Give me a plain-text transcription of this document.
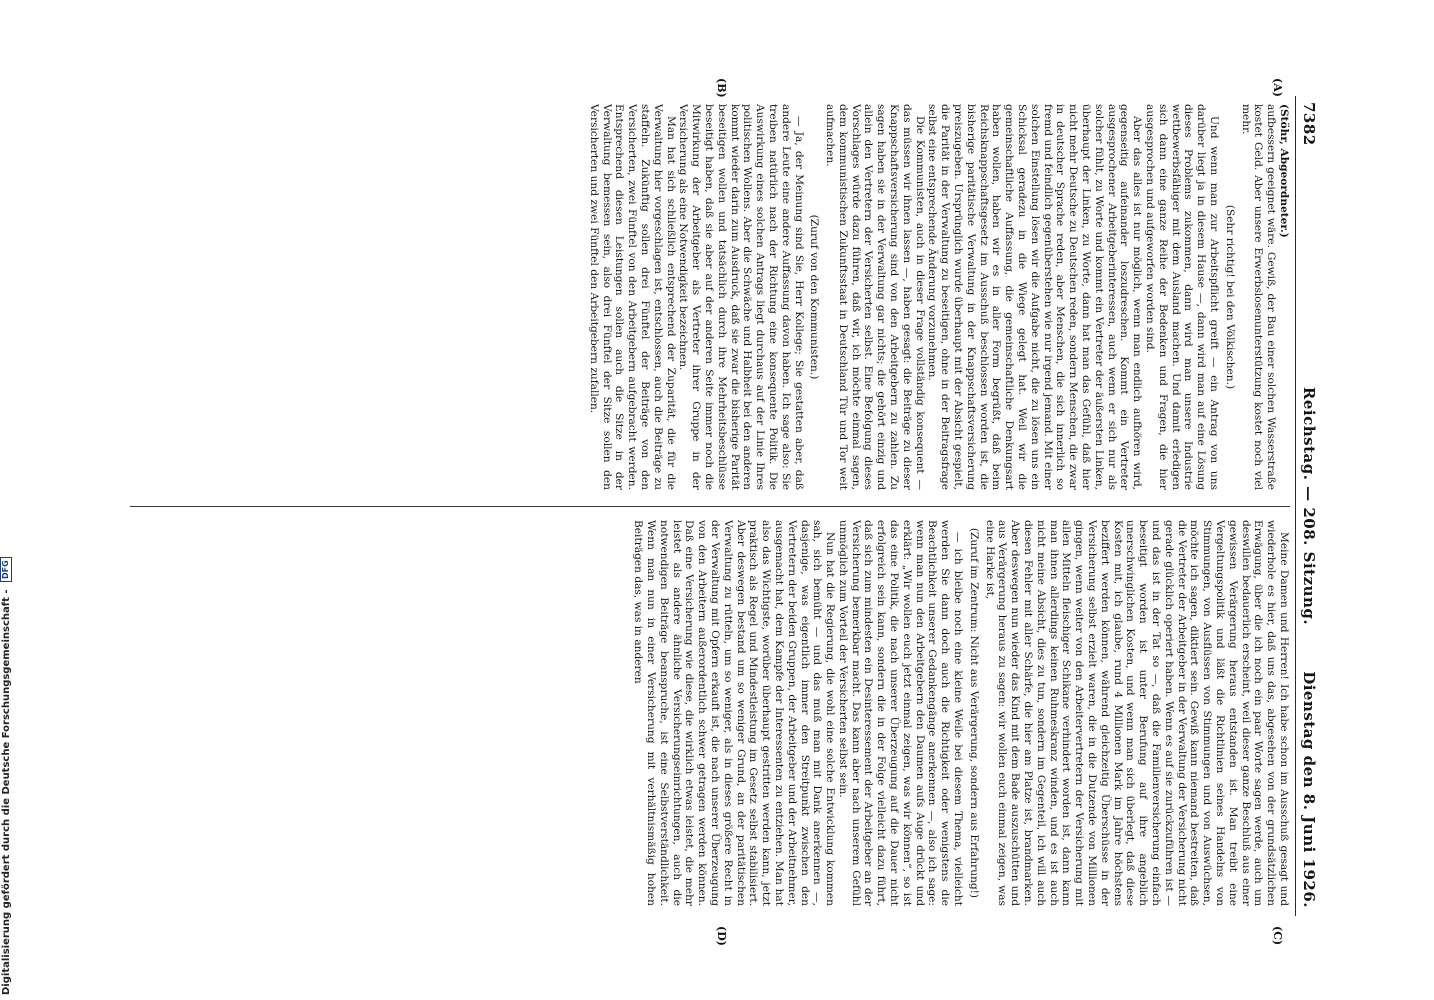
7382
Reichstag. — 208. Sitzung.
Dienstag den 8. Juni 1926.
(A)
(B)
(C)
(D)

(Stöhr, Abgeordneter.)

aufbessern geeignet wäre. Gewiß, der Bau einer solchen Wasserstraße kostet Geld. Aber unsere Erwerbslosenunterstützung kostet noch viel mehr.

(Sehr richtig! bei den Völkischen.)

Und wenn man zur Arbeitspflicht greift — ein Antrag von uns darüber liegt ja in diesem Hause —, dann wird man auf eine Lösung dieses Problems zukommen, dann wird man unsere Industrie wettbewerbsfähiger mit dem Ausland machen. Und damit erledigen sich dann eine ganze Reihe der Bedenken und Fragen, die hier ausgesprochen und aufgeworfen worden sind.

Aber das alles ist nur möglich, wenn man endlich aufhören wird, gegenseitig aufeinander loszudreschen. Kommt ein Vertreter ausgesprochener Arbeitgeberinteressen, auch wenn er sich nur als solcher fühlt, zu Worte und kommt ein Vertreter der äußersten Linken, überhaupt der Linken, zu Worte, dann hat man das Gefühl, daß hier nicht mehr Deutsche zu Deutschen reden, sondern Menschen, die zwar in deutscher Sprache reden, aber Menschen, die sich innerlich so fremd und feindlich gegenüberstehen wie nur irgend jemand. Mit einer solchen Einstellung lösen wir die Aufgabe nicht, die zu lösen uns ein Schicksal geradezu in die Wiege gelegt hat. Weil wir die gemeinschaftliche Auffassung, die gemeinschaftliche Denkungsart haben wollen, haben wir es in aller Form begrüßt, daß beim Reichsknappschaftsgesetz im Ausschuß beschlossen worden ist, die bisherige paritätische Verwaltung in der Knappschaftsversicherung preiszugeben. Ursprünglich wurde überhaupt mit der Absicht gespielt, die Parität in der Verwaltung zu beseitigen, ohne in der Beitragsfrage selbst eine entsprechende Änderung vorzunehmen.

Die Kommunisten, auch in dieser Frage vollständig konsequent — das müssen wir ihnen lassen —, haben gesagt: die Beiträge zu dieser Knappschaftsversicherung sind von den Arbeitgebern zu zahlen. Zu sagen haben sie in der Verwaltung gar nichts; die gehört einzig und allein den Vertretern der Versicherten selbst. Eine Befolgung dieses Vorschlages würde dazu führen, daß wir, ich möchte einmal sagen, dem kommunistischen Zukunftsstaat in Deutschland Tür und Tor weit aufmachen.

(Zuruf von den Kommunisten.)

— Ja, der Meinung sind Sie, Herr Kollege; Sie gestatten aber, daß andere Leute eine andere Auffassung davon haben. Ich sage also: Sie treiben natürlich nach der Richtung eine konsequente Politik. Die Auswirkung eines solchen Antrags liegt durchaus auf der Linie Ihres politischen Wollens. Aber die Schwäche und Halbheit bei den anderen kommt wieder darin zum Ausdruck, daß sie zwar die bisherige Parität beseitigen wollen und tatsächlich durch ihre Mehrheitsbeschlüsse beseitigt haben, daß sie aber auf der anderen Seite immer noch die Mitwirkung der Arbeitgeber als Vertreter ihrer Gruppe in der Versicherung als eine Notwendigkeit bezeichnen.

Man hat sich schließlich entsprechend der Zuparität, die für die Verwaltung hier vorgeschlagen ist, entschlossen, auch die Beiträge zu staffeln. Zukünftig sollen drei Fünftel der Beiträge von den Versicherten, zwei Fünftel von den Arbeitgebern aufgebracht werden. Entsprechend diesen Leistungen sollen auch die Sitze in der Verwaltung bemessen sein, also drei Fünftel der Sitze sollen den Versicherten und zwei Fünftel den Arbeitgebern zufallen.

Meine Damen und Herren! Ich habe schon im Ausschuß gesagt und wiederhole es hier, daß uns das, abgesehen von der grundsätzlichen Erwägung, über die ich noch ein paar Worte sagen werde, auch um deswillen bedauerlich erscheint, weil dieser ganze Beschluß aus einer gewissen Verärgerung heraus entstanden ist. Man treibt eine Vergeltungspolitik und läßt die Richtlinien seines Handelns von Stimmungen, von Ausflüssen von Stimmungen und von Auswüchsen, möchte ich sagen, diktiert sein. Gewiß kann niemand bestreiten, daß die Vertreter der Arbeitgeber in der Verwaltung der Versicherung nicht gerade glücklich operiert haben. Wenn es auf sie zurückzuführen ist — und das ist in der Tat so —, daß die Familienversicherung einfach beseitigt worden ist unter Berufung auf ihre angeblich unerschwinglichen Kosten, und wenn man sich überlegt, daß diese Kosten mit, ich glaube, rund 4 Millionen Mark im Jahre höchstens beziffert werden können, während gleichzeitig Überschüsse in der Versicherung selbst erzielt waren, die in die Dutzende von Millionen gingen, wenn weiter von den Arbeitervertretern der Versicherung mit allen Mitteln fleischiger Schikane verhindert worden ist, dann kann man ihnen allerdings keinen Ruhmeskranz winden, und es ist auch nicht meine Absicht, dies zu tun, sondern im Gegenteil, ich will auch diesen Fehler mit aller Schärfe, die hier am Platze ist, brandmarken. Aber deswegen nun wieder das Kind mit dem Bade auszuschütten und aus Verärgerung heraus zu sagen: wir wollen euch einmal zeigen, was eine Harke ist,

(Zuruf im Zentrum: Nicht aus Verärgerung, sondern aus Erfahrung!)

— ich bleibe noch eine kleine Weile bei diesem Thema, vielleicht werden Sie dann doch auch die Richtigkeit oder wenigstens die Beachtlichkeit unserer Gedankengänge anerkennen —, also ich sage: wenn man nun den Arbeitgebern den Daumen aufs Auge drückt und erklärt: „Wir wollen euch jetzt einmal zeigen, was wir können“, so ist das eine Politik, die nach unserer Überzeugung auf die Dauer nicht erfolgreich sein kann, sondern die in der Folge vielleicht dazu führt, daß sich zum mindesten ein Desinteressement der Arbeitgeber an der Versicherung bemerkbar macht. Das kann aber nach unserem Gefühl unmöglich zum Vorteil der Versicherten selbst sein.

Nun hat die Regierung, die wohl eine solche Entwicklung kommen sah, sich bemüht — und das muß man mit Dank anerkennen —, dasjenige, was eigentlich immer den Streitpunkt zwischen den Vertretern der beiden Gruppen, der Arbeitgeber und der Arbeitnehmer, ausgemacht hat, dem Kampfe der Interessenten zu entziehen. Man hat also das Wichtigste, worüber überhaupt gestritten werden kann, jetzt praktisch als Regel und Mindestleistung im Gesetz selbst stabilisiert. Aber deswegen bestand um so weniger Grund, an der paritätischen Verwaltung zu rütteln, um so weniger, als in dieses größere Recht in der Verwaltung mit Opfern erkauft ist, die nach unserer Überzeugung von den Arbeitern außerordentlich schwer getragen werden können. Daß eine Versicherung wie diese, die wirklich etwas leistet, die mehr leistet als andere ähnliche Versicherungseinrichtungen, auch die notwendigen Beiträge beanspruche, ist eine Selbstverständlichkeit. Wenn man nun in einer Versicherung mit verhältnismäßig hohen Beiträgen das, was in anderen

Digitalisierung gefördert durch die Deutsche Forschungsgemeinschaft - DFG
